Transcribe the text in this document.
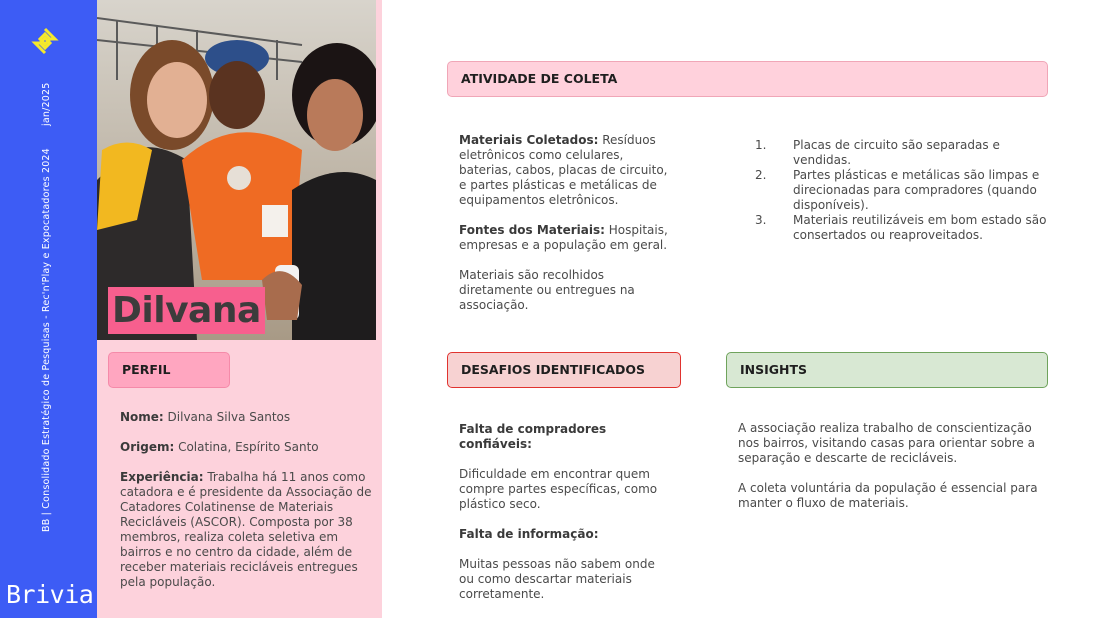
jan/2025
BB | Consolidado Estratégico de Pesquisas - Rec'n'Play e Expocatadores 2024
Brivia
Dilvana
PERFIL

Nome: Dilvana Silva Santos

Origem: Colatina, Espírito Santo

Experiência: Trabalha há 11 anos como catadora e é presidente da Associação de Catadores Colatinense de Materiais Recicláveis (ASCOR). Composta por 38 membros, realiza coleta seletiva em bairros e no centro da cidade, além de receber materiais recicláveis entregues pela população.

ATIVIDADE DE COLETA

Materiais Coletados: Resíduos eletrônicos como celulares, baterias, cabos, placas de circuito, e partes plásticas e metálicas de equipamentos eletrônicos.

Fontes dos Materiais: Hospitais, empresas e a população em geral.

Materiais são recolhidos diretamente ou entregues na associação.

1.	Placas de circuito são separadas e vendidas.
2.	Partes plásticas e metálicas são limpas e direcionadas para compradores (quando disponíveis).
3.	Materiais reutilizáveis em bom estado são consertados ou reaproveitados.
DESAFIOS IDENTIFICADOS

Falta de compradores confiáveis:

Dificuldade em encontrar quem compre partes específicas, como plástico seco.

Falta de informação:

Muitas pessoas não sabem onde ou como descartar materiais corretamente.

INSIGHTS

A associação realiza trabalho de conscientização nos bairros, visitando casas para orientar sobre a separação e descarte de recicláveis.

A coleta voluntária da população é essencial para manter o fluxo de materiais.
